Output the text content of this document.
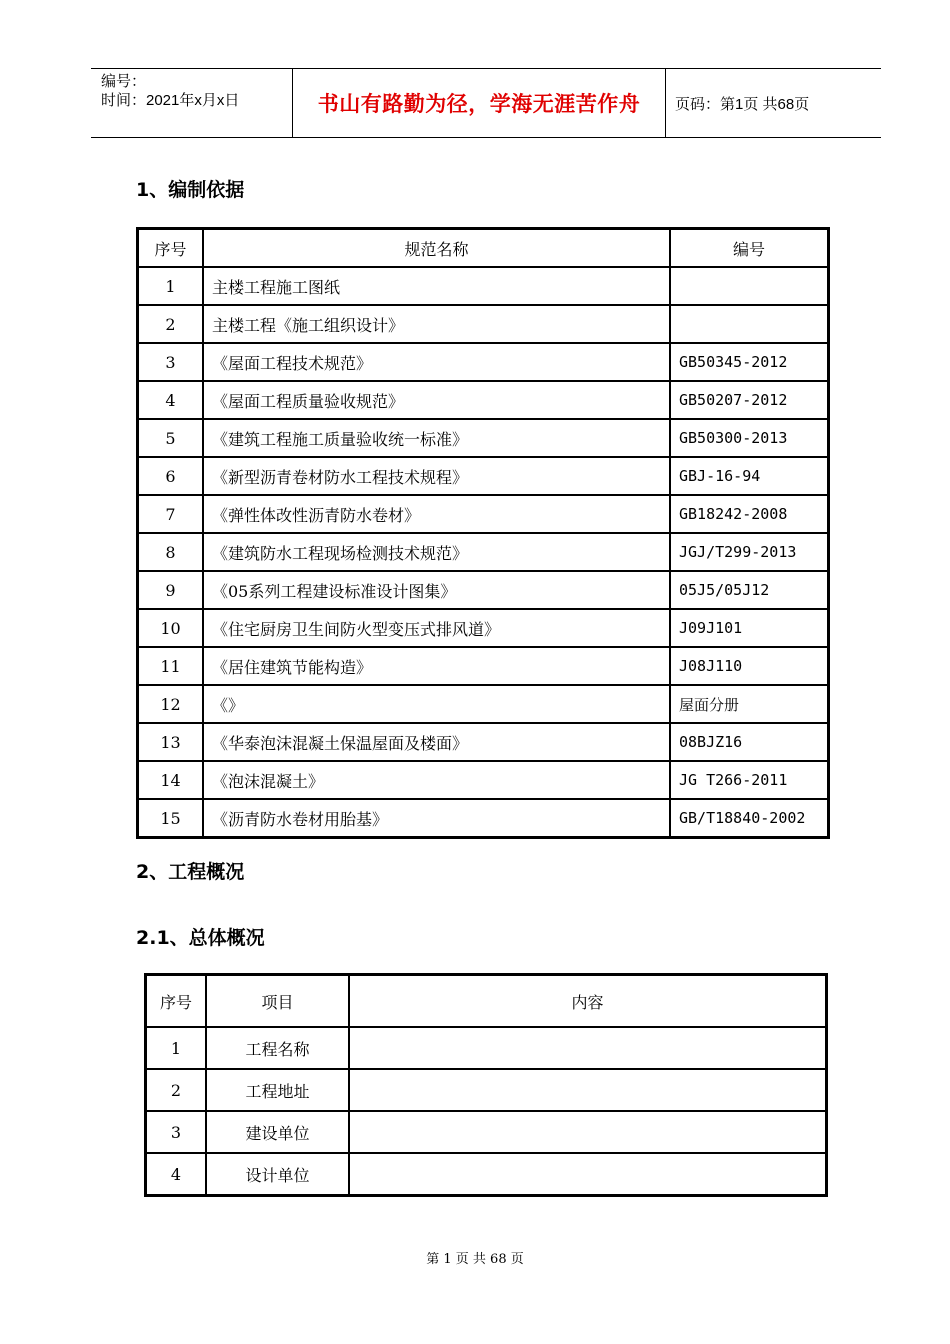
编号：
时间：2021年x月x日	书山有路勤为径，学海无涯苦作舟	页码：第1页 共68页
1、编制依据
序号	规范名称	编号
1	主楼工程施工图纸	
2	主楼工程《施工组织设计》	
3	《屋面工程技术规范》	GB50345-2012
4	《屋面工程质量验收规范》	GB50207-2012
5	《建筑工程施工质量验收统一标准》	GB50300-2013
6	《新型沥青卷材防水工程技术规程》	GBJ-16-94
7	《弹性体改性沥青防水卷材》	GB18242-2008
8	《建筑防水工程现场检测技术规范》	JGJ/T299-2013
9	《05系列工程建设标准设计图集》	05J5/05J12
10	《住宅厨房卫生间防火型变压式排风道》	J09J101
11	《居住建筑节能构造》	J08J110
12	《》	屋面分册
13	《华泰泡沫混凝土保温屋面及楼面》	08BJZ16
14	《泡沫混凝土》	JG T266-2011
15	《沥青防水卷材用胎基》	GB/T18840-2002
2、工程概况
2.1、总体概况
序号	项目	内容
1	工程名称	
2	工程地址	
3	建设单位	
4	设计单位	
第 1 页 共 68 页
